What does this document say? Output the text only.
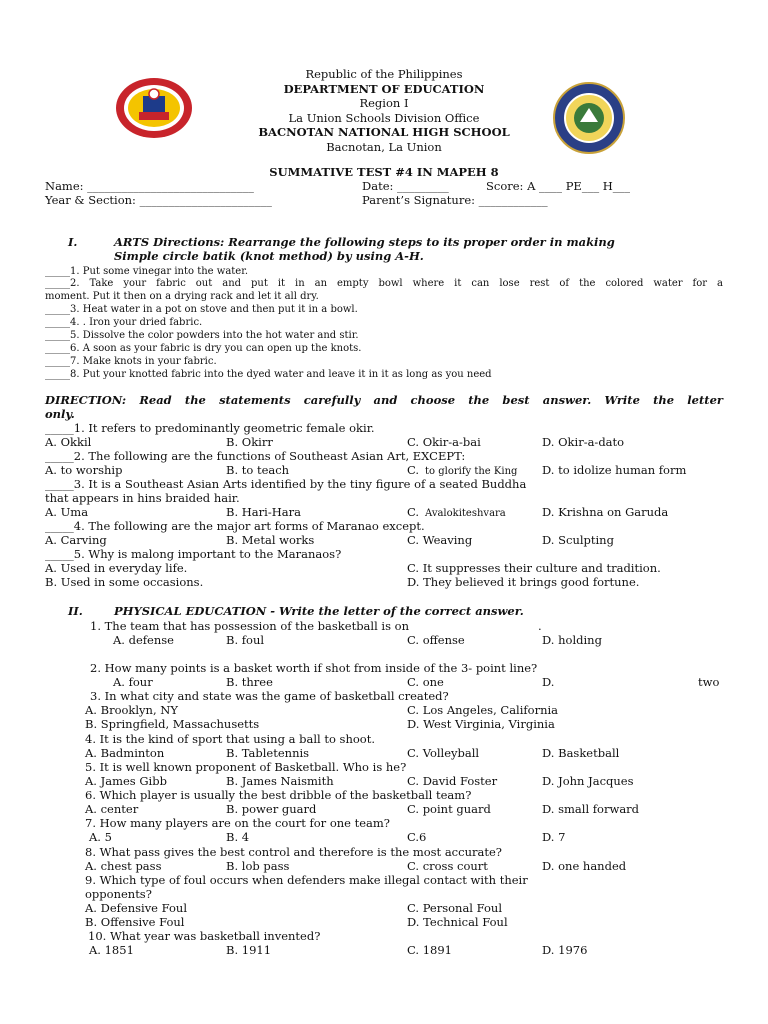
Republic of the Philippines
DEPARTMENT OF EDUCATION
Region I
La Union Schools Division Office
BACNOTAN NATIONAL HIGH SCHOOL
Bacnotan, La Union
SUMMATIVE TEST #4 IN MAPEH 8
Name: _____________________________	Date: _________	Score: A ____ PE___ H___
Year & Section: _______________________	Parent’s Signature: ____________
I.	ARTS Directions: Rearrange the following steps to its proper order in making
Simple circle batik (knot method) by using A-H.
_____1. Put some vinegar into the water.
_____2. Take your fabric out and put it in an empty bowl where it can lose rest of the colored water for a
moment. Put it then on a drying rack and let it all dry.
_____3. Heat water in a pot on stove and then put it in a bowl.
_____4. . Iron your dried fabric.
_____5. Dissolve the color powders into the hot water and stir.
_____6. A soon as your fabric is dry you can open up the knots.
_____7. Make knots in your fabric.
_____8. Put your knotted fabric into the dyed water and leave it in it as long as you need
DIRECTION: Read the statements carefully and choose the best answer. Write the letter
only.
_____1. It refers to predominantly geometric female okir.
A. Okkil	B. Okirr	C. Okir-a-bai	D. Okir-a-dato
_____2. The following are the functions of Southeast Asian Art, EXCEPT:
A. to worship	B. to teach	C. to glorify the King D. to idolize human form
_____3. It is a Southeast Asian Arts identified by the tiny figure of a seated Buddha
that appears in hins braided hair.
A. Uma	B. Hari-Hara	C. Avalokiteshvara	D. Krishna on Garuda
_____4. The following are the major art forms of Maranao except.
A. Carving	B. Metal works	C. Weaving	D. Sculpting
_____5. Why is malong important to the Maranaos?
A. Used in everyday life.	C. It suppresses their culture and tradition.
B. Used in some occasions.	D. They believed it brings good fortune.
II.	PHYSICAL EDUCATION - Write the letter of the correct answer.
1. The team that has possession of the basketball is on	.
A. defense	B. foul	C. offense	D. holding
2. How many points is a basket worth if shot from inside of the 3- point line?
A. four	B. three	C. one	D.	two
3. In what city and state was the game of basketball created?
A. Brooklyn, NY	C. Los Angeles, California
B. Springfield, Massachusetts	D. West Virginia, Virginia
4. It is the kind of sport that using a ball to shoot.
A. Badminton	B. Tabletennis	C. Volleyball	D. Basketball
5. It is well known proponent of Basketball. Who is he?
A. James Gibb	B. James Naismith	C. David Foster	D. John Jacques
6. Which player is usually the best dribble of the basketball team?
A. center	B. power guard	C. point guard	D. small forward
7. How many players are on the court for one team?
A. 5	B. 4	C.6	D. 7
8. What pass gives the best control and therefore is the most accurate?
A. chest pass	B. lob pass	C. cross court	D. one handed
9. Which type of foul occurs when defenders make illegal contact with their
opponents?
A. Defensive Foul	C. Personal Foul
B. Offensive Foul	D. Technical Foul
10. What year was basketball invented?
A. 1851	B. 1911	C. 1891	D. 1976
